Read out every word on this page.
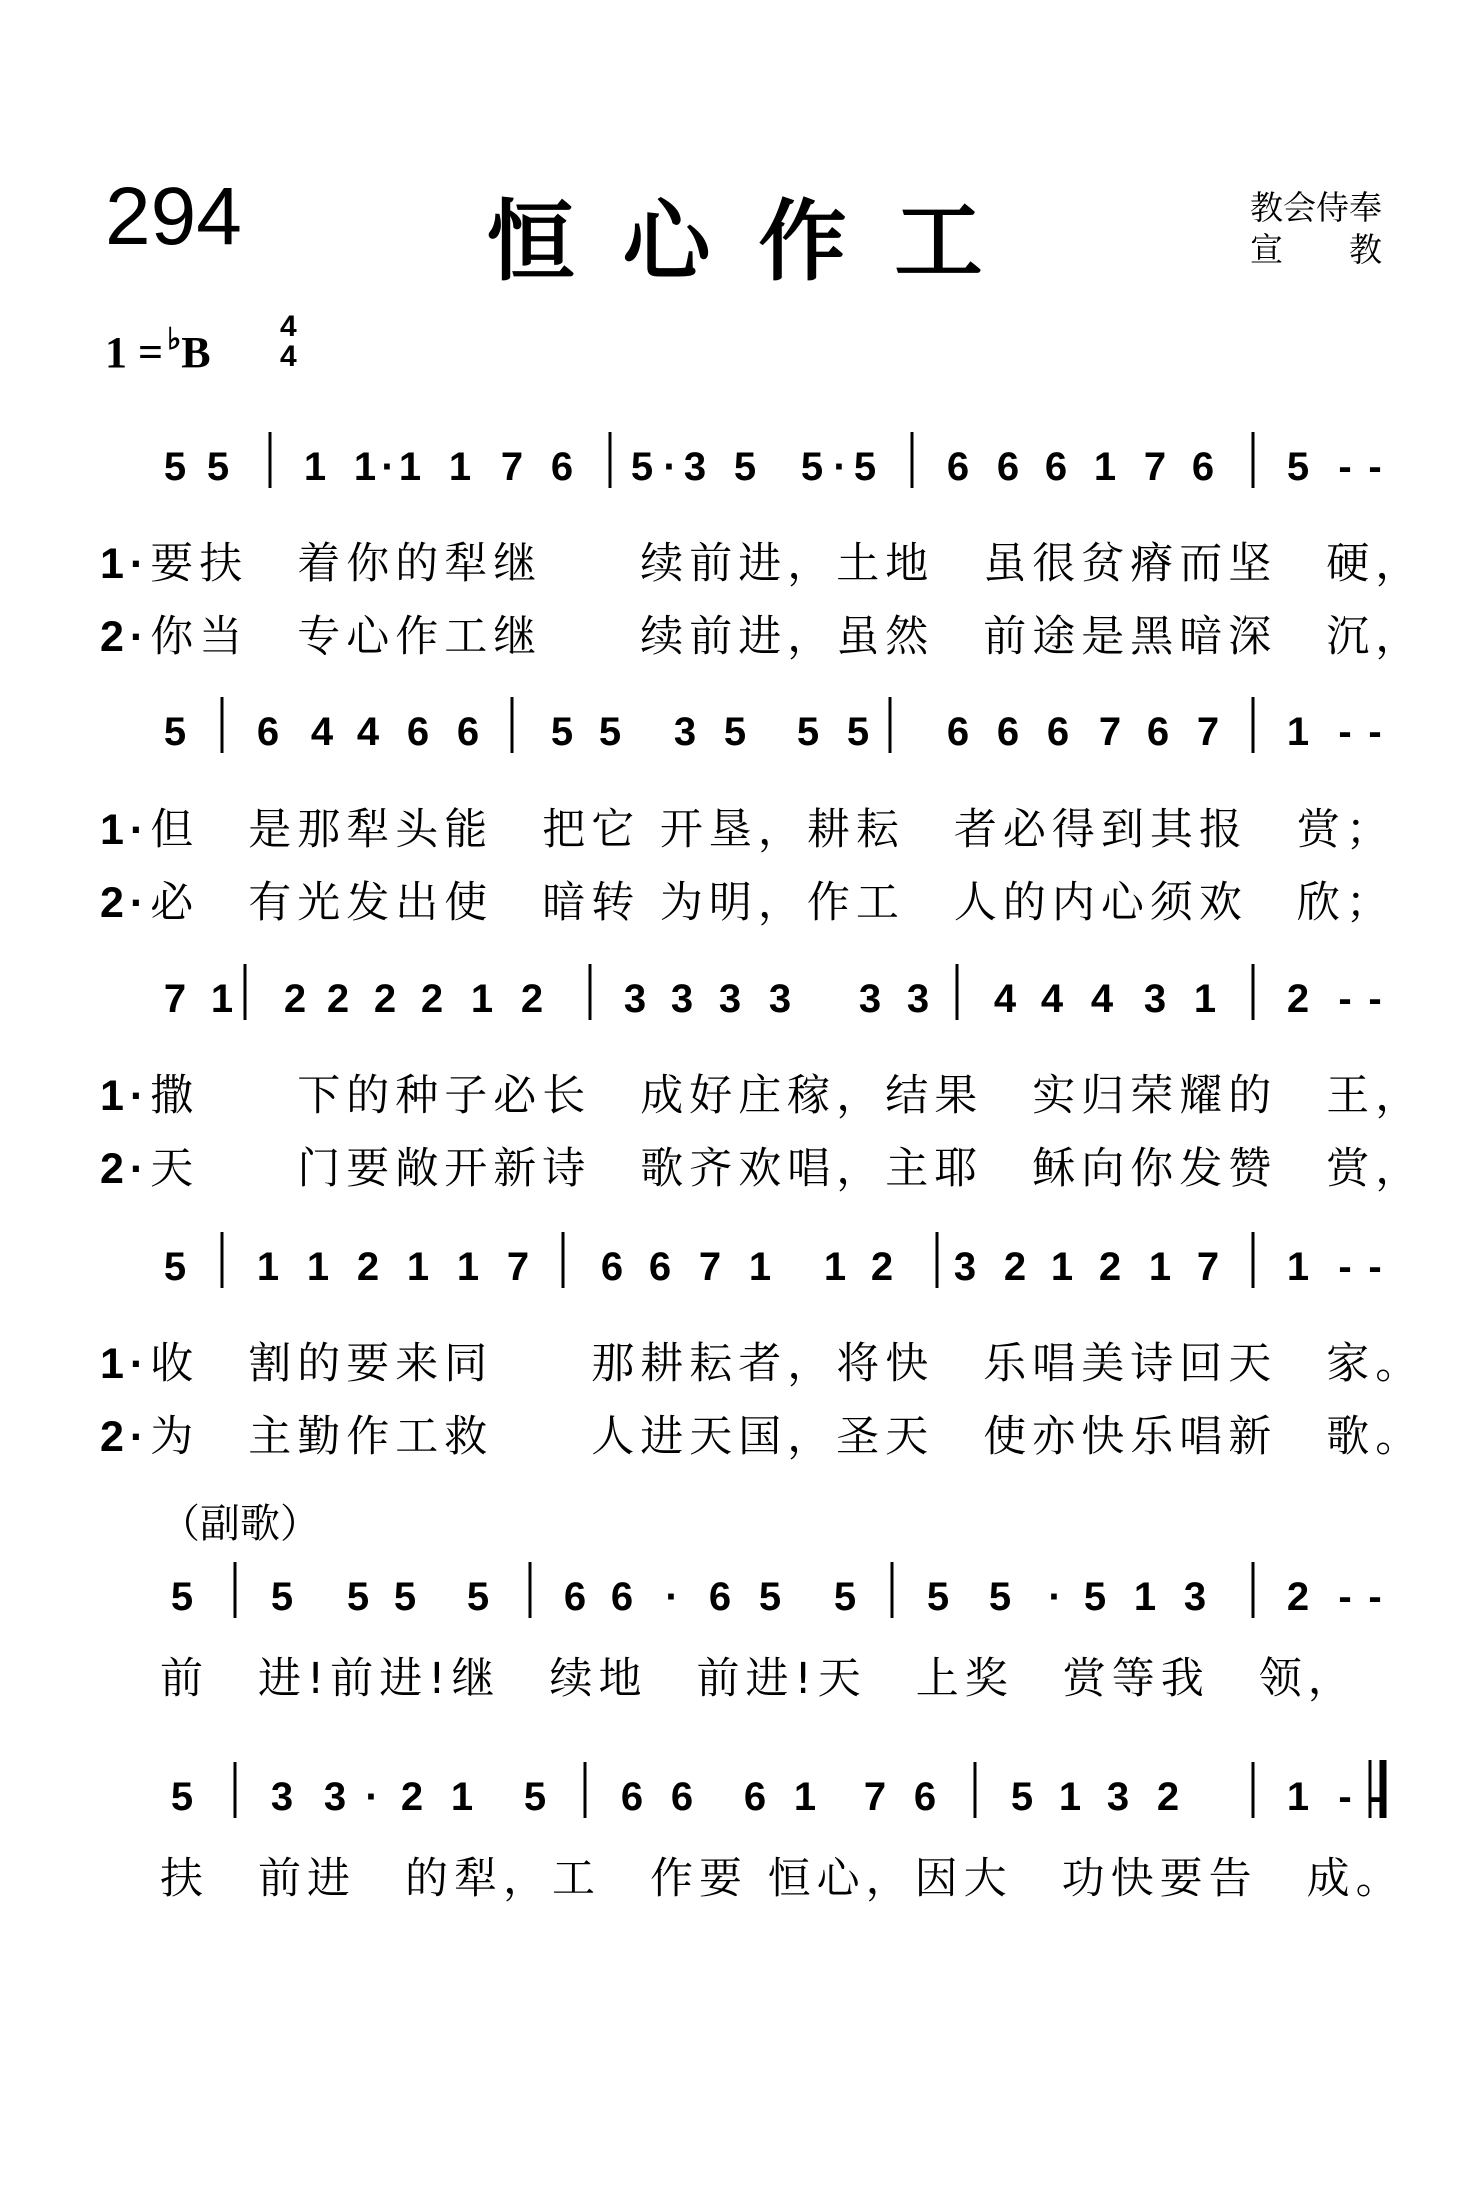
294	恒心作工	教会侍奉
宣　　教
1 = ♭B
4
4
5 5 1 1 · 1 1 7 6 5 · 3 5 5 · 5 6 6 6 1 7 6 5 - -
5 6 4 4 6 6 5 5 3 5 5 5 6 6 6 7 6 7 1 - -
7 1 2 2 2 2 1 2 3 3 3 3 3 3 4 4 4 3 1 2 - -
5 1 1 2 1 1 7 6 6 7 1 1 2 3 2 1 2 1 7 1 - -
5 5 5 5 5 6 6 · 6 5 5 5 5 · 5 1 3 2 - -
5 3 3 · 2 1 5 6 6 6 1 7 6 5 1 3 2	1 - -
1·要扶　着你的犁继　　续前进，土地　虽很贫瘠而坚　硬，
2·你当　专心作工继　　续前进，虽然　前途是黑暗深　沉，
1·但　是那犁头能　把它 开垦，耕耘　者必得到其报　赏；
2·必　有光发出使　暗转 为明，作工　人的内心须欢　欣；
1·撒　　下的种子必长　成好庄稼，结果　实归荣耀的　王，
2·天　　门要敞开新诗　歌齐欢唱，主耶　稣向你发赞　赏，
1·收　割的要来同　　那耕耘者，将快　乐唱美诗回天　家。
2·为　主勤作工救　　人进天国，圣天　使亦快乐唱新　歌。
（副歌）
前　进!前进!继　续地　前进!天　上奖　赏等我　领，
扶　前进　的犁，工　作要 恒心，因大　功快要告　成。
